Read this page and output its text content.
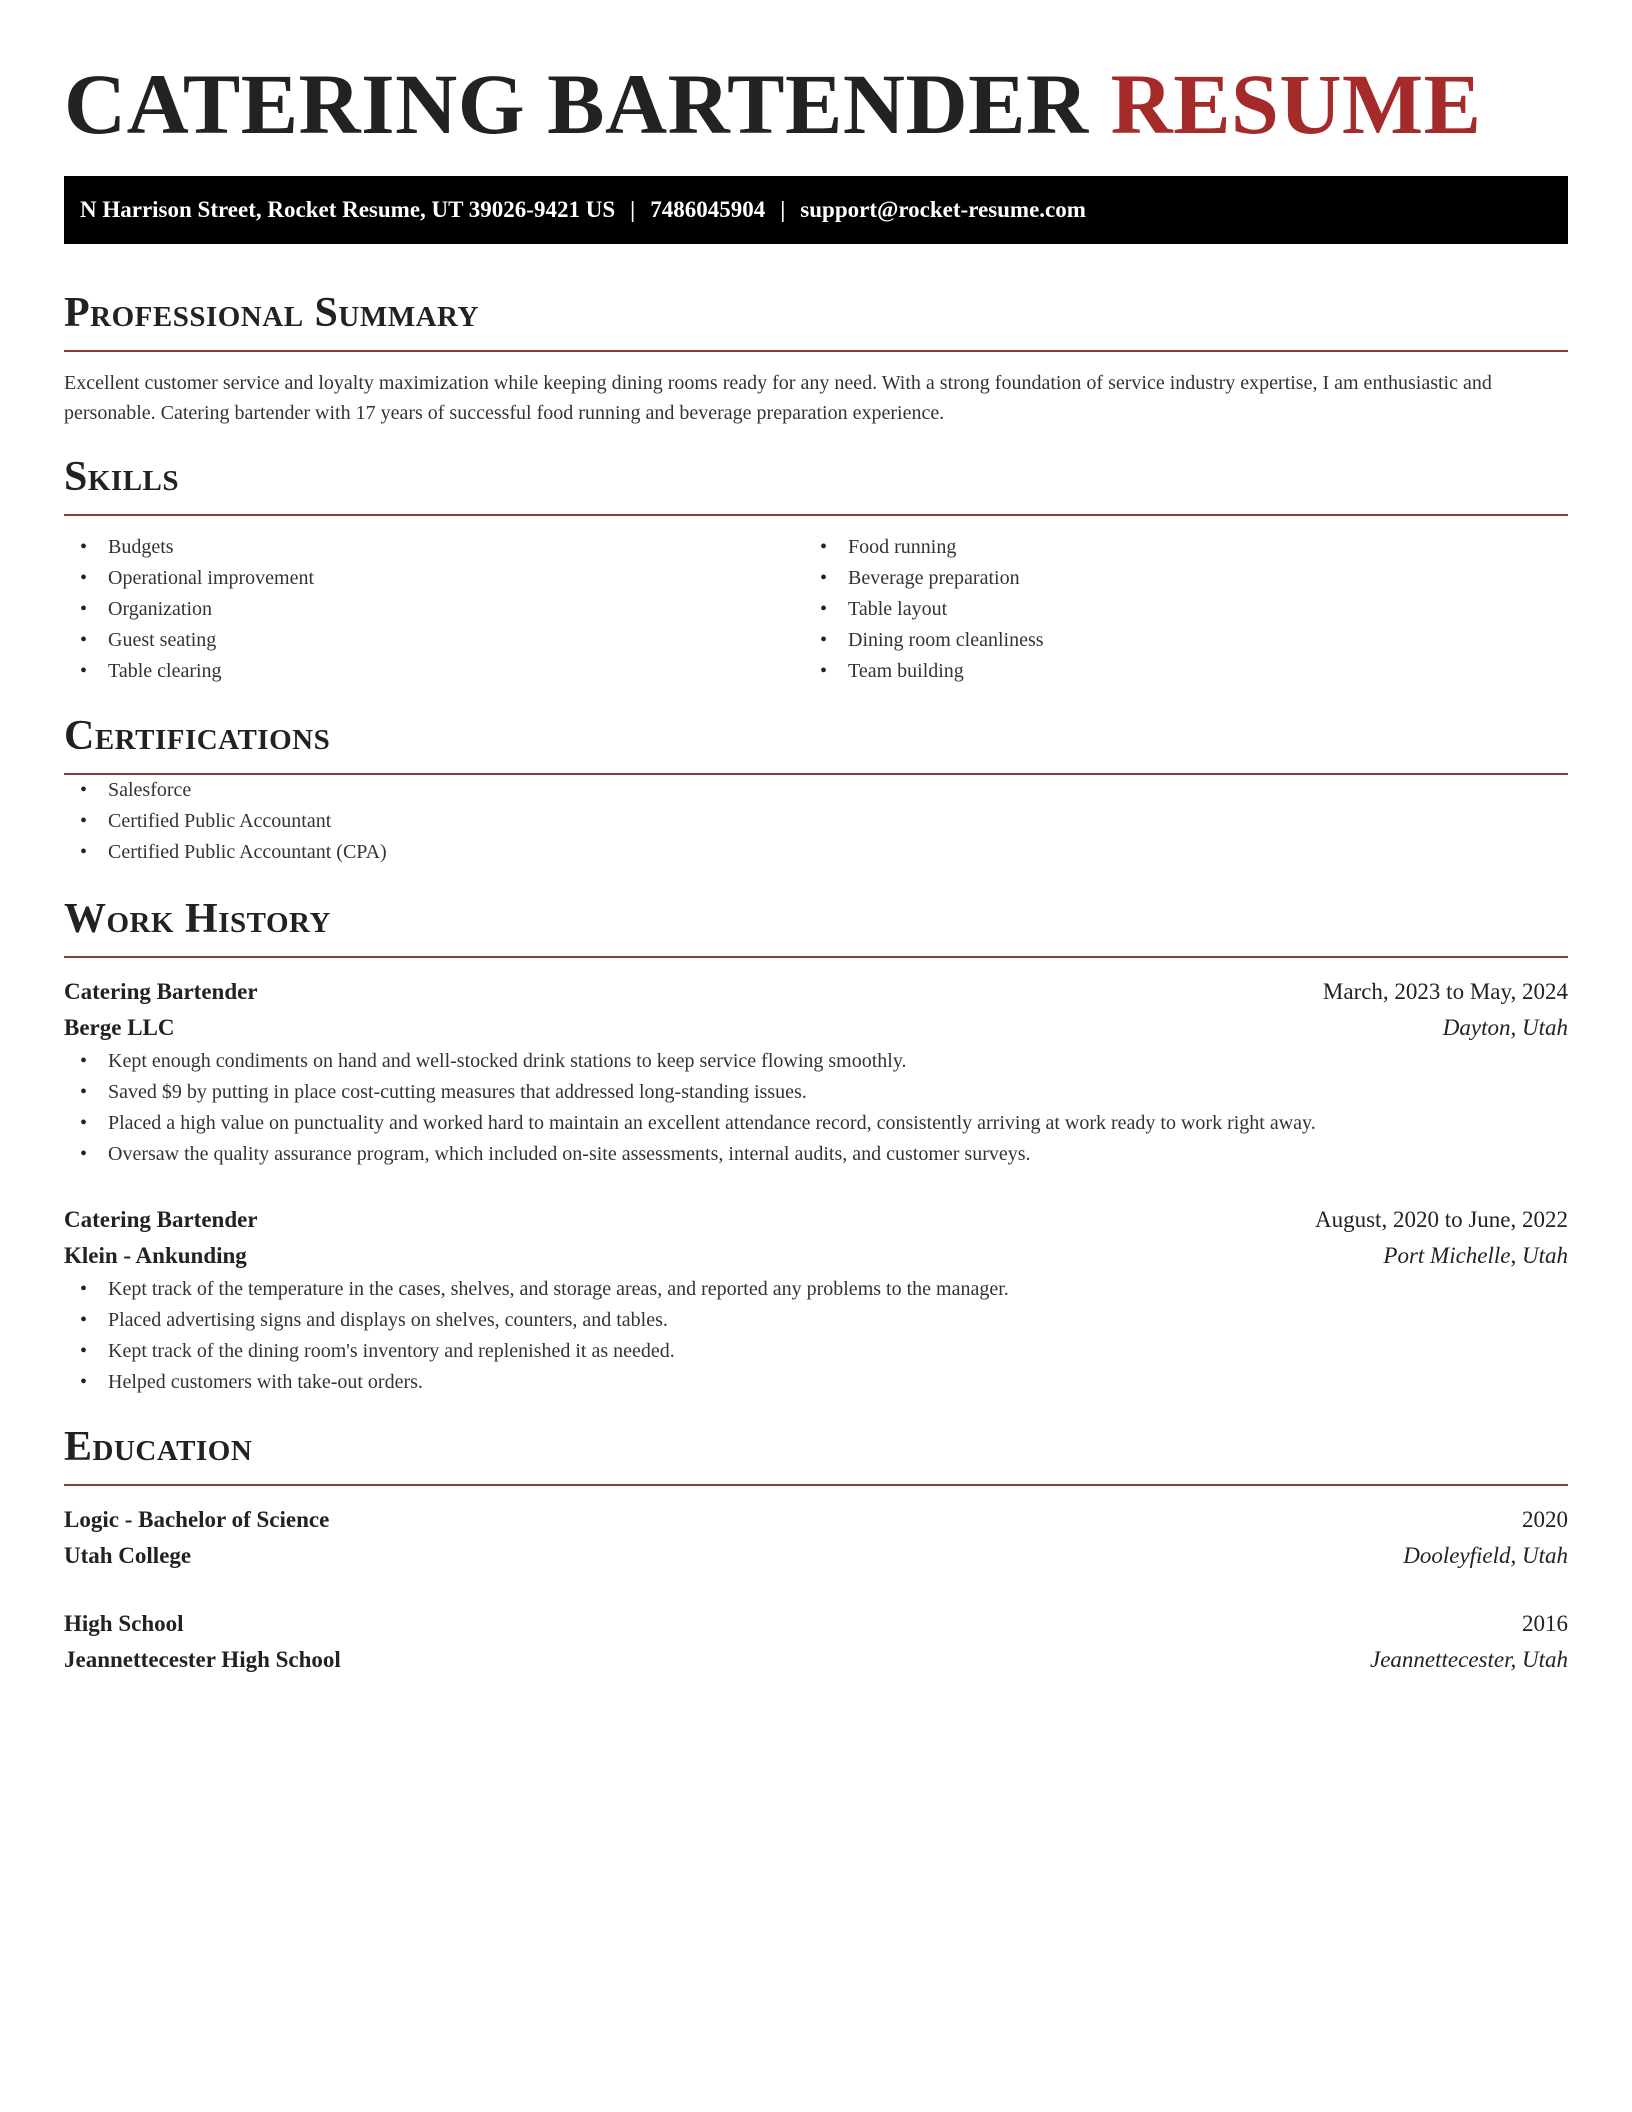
CATERING BARTENDER RESUME
N Harrison Street, Rocket Resume, UT 39026-9421 US | 7486045904 | support@rocket-resume.com
Professional Summary

Excellent customer service and loyalty maximization while keeping dining rooms ready for any need. With a strong foundation of service industry expertise, I am enthusiastic and personable. Catering bartender with 17 years of successful food running and beverage preparation experience.

Skills
• Budgets
• Operational improvement
• Organization
• Guest seating
• Table clearing
• Food running
• Beverage preparation
• Table layout
• Dining room cleanliness
• Team building
Certifications
• Salesforce
• Certified Public Accountant
• Certified Public Accountant (CPA)
Work History
Catering Bartender	March, 2023 to May, 2024
Berge LLC	Dayton, Utah
• Kept enough condiments on hand and well-stocked drink stations to keep service flowing smoothly.
• Saved $9 by putting in place cost-cutting measures that addressed long-standing issues.
• Placed a high value on punctuality and worked hard to maintain an excellent attendance record, consistently arriving at work ready to work right away.
• Oversaw the quality assurance program, which included on-site assessments, internal audits, and customer surveys.
Catering Bartender	August, 2020 to June, 2022
Klein - Ankunding	Port Michelle, Utah
• Kept track of the temperature in the cases, shelves, and storage areas, and reported any problems to the manager.
• Placed advertising signs and displays on shelves, counters, and tables.
• Kept track of the dining room's inventory and replenished it as needed.
• Helped customers with take-out orders.
Education
Logic - Bachelor of Science	2020
Utah College	Dooleyfield, Utah
High School	2016
Jeannettecester High School	Jeannettecester, Utah
